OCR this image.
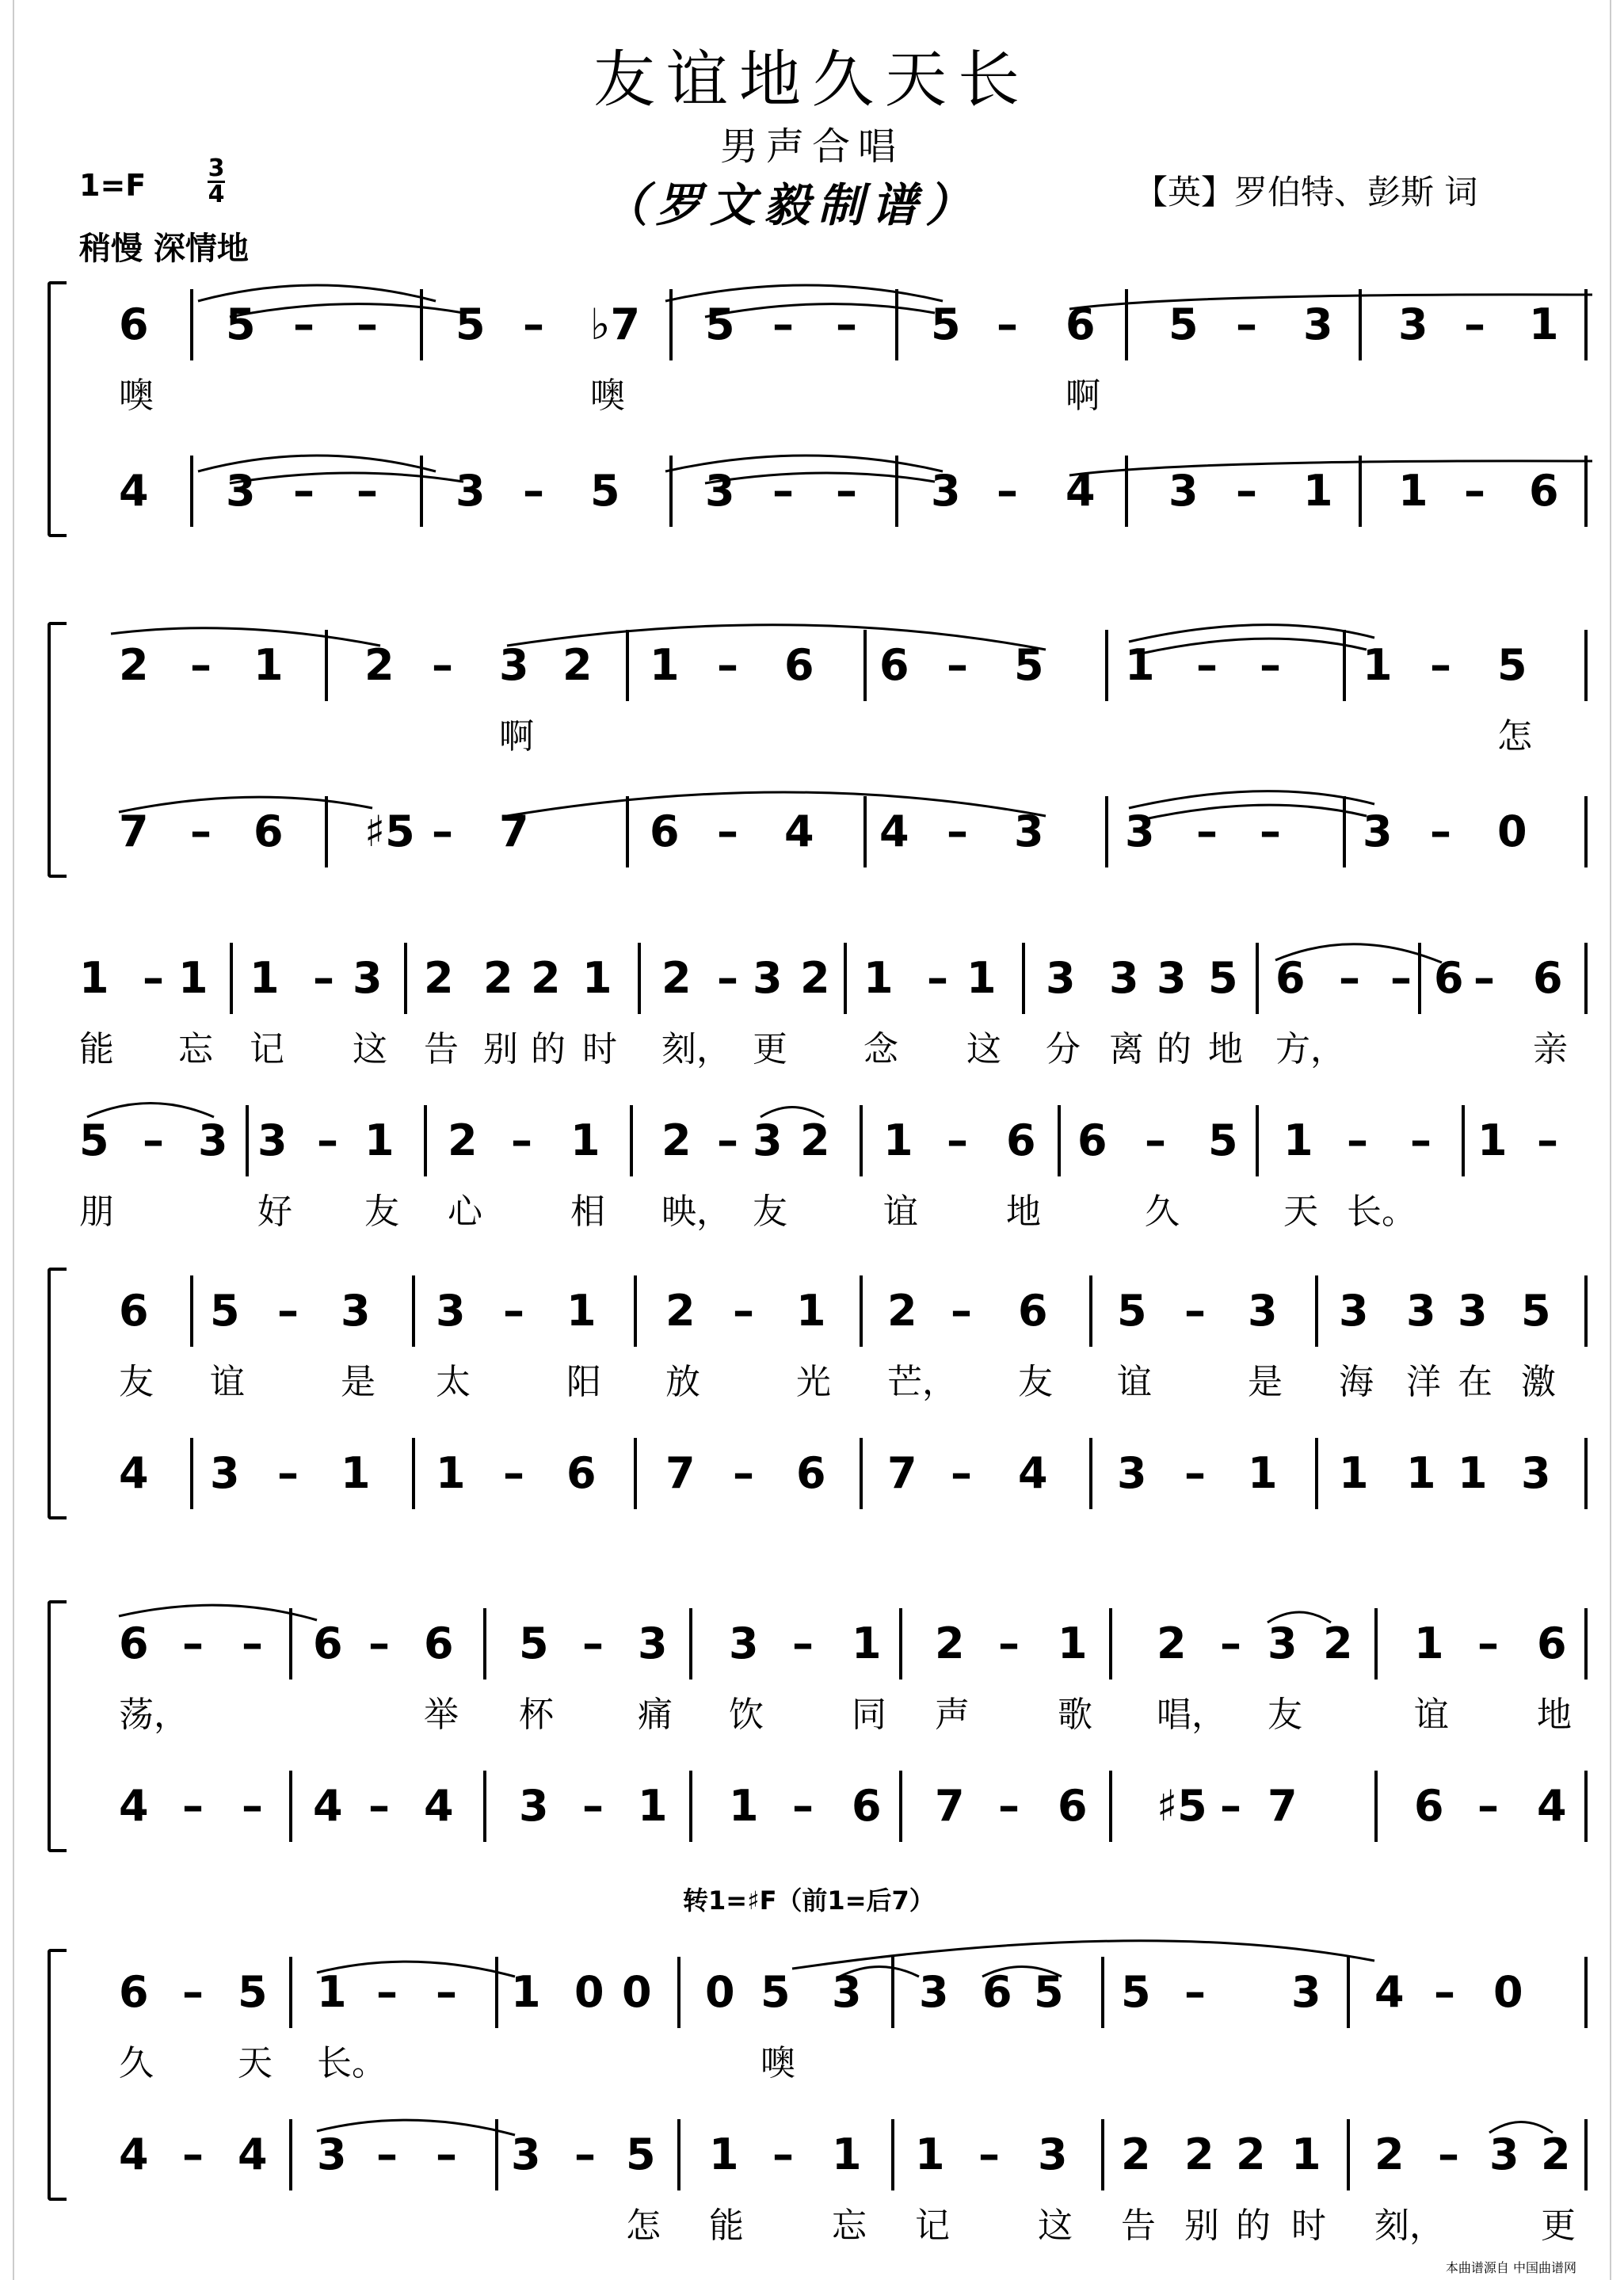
友谊地久天长
男声合唱
（罗文毅制谱）	【英】罗伯特、彭斯 词
1=F	3
4
稍慢 深情地
转1=♯F（前1=后7）
本曲谱源自 中国曲谱网
6 5 – – 5 – ♭7 5 – – 5 – 6 5 – 3 3 – 1
噢	噢	啊
4 3 – – 3 – 5 3 – – 3 – 4 3 – 1 1 – 6
2 – 1 2 – 3 2 1 – 6 6 – 5 1 – – 1 – 5
啊	怎
7 – 6 ♯5 – 7	6 – 4 4 – 3 3 – – 3 – 0
1 – 1 1 – 3 2 2 2 1 2 – 3 2 1 – 1 3 3 3 5 6 – – 6 – 6
能 忘 记 这 告 别 的 时 刻， 更 念 这 分 离 的 地 方，	亲
5 – 3 3 – 1 2 – 1 2 – 3 2 1 – 6 6 – 5 1 – – 1 –
朋	好 友 心	相 映， 友	谊	地	久	天 长。
6 5 – 3 3 – 1 2 – 1 2 – 6 5 – 3 3 3 3 5
友 谊	是 太	阳 放	光 芒， 友 谊	是 海 洋 在 激
4 3 – 1 1 – 6 7 – 6 7 – 4 3 – 1 1 1 1 3
6 – – 6 – 6 5 – 3 3 – 1 2 – 1 2 – 3 2 1 – 6
荡，	举 杯 痛 饮	同 声	歌 唱， 友	谊	地
4 – – 4 – 4 3 – 1 1 – 6 7 – 6 ♯5 – 7	6 – 4
6 – 5 1 – – 1 0 0 0 5 3 3 6 5 5 – 3 4 – 0
久 天 长。	噢
4 – 4 3 – – 3 – 5 1 – 1 1 – 3 2 2 2 1 2 – 3 2
怎 能	忘 记	这 告 别 的 时 刻，	更
